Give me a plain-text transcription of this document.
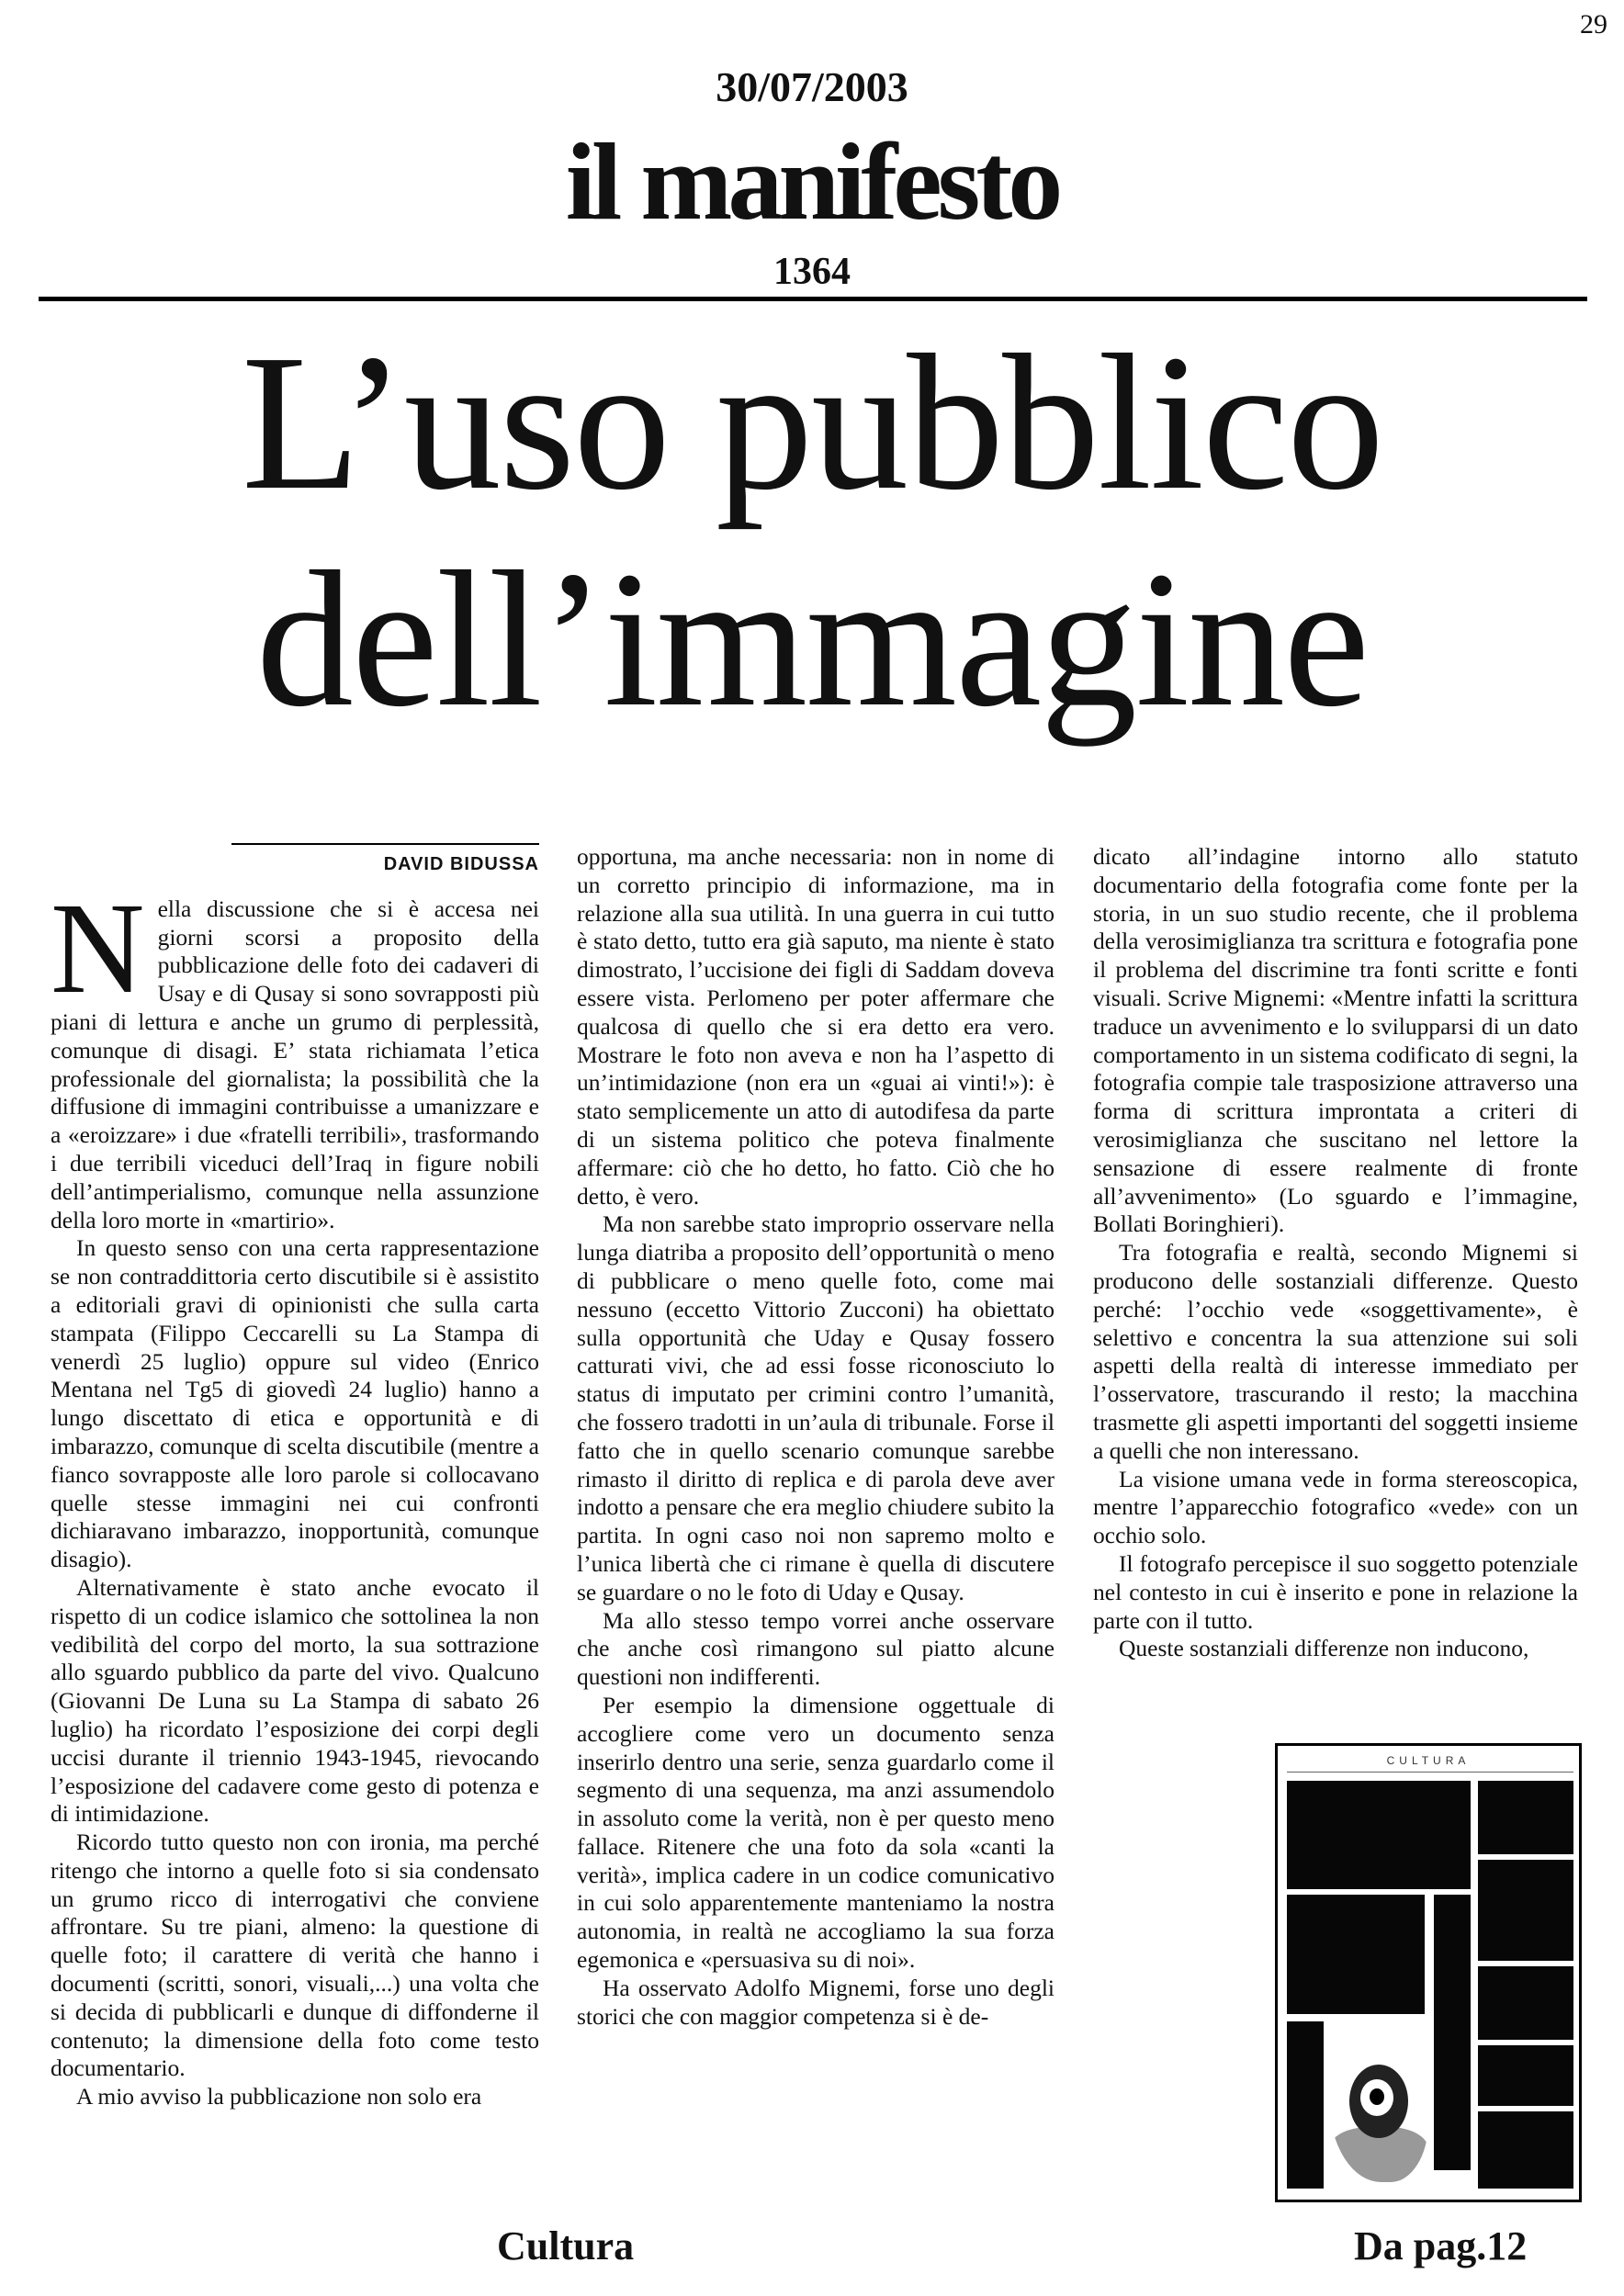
29
30/07/2003
il manifesto
1364
L’uso pubblico
dell’immagine
DAVID BIDUSSA
N ella discussione che si è accesa nei giorni scorsi a proposito della pubblicazione delle foto dei cadaveri di Usay e di Qusay si sono sovrapposti più piani di lettura e anche un grumo di perplessità, comunque di disagi. E’ stata richiamata l’etica professionale del giornalista; la possibilità che la diffusione di immagini contribuisse a umanizzare e a «eroizzare» i due «fratelli terribili», trasformando i due terribili viceduci dell’Iraq in figure nobili dell’antimperialismo, comunque nella assunzione della loro morte in «martirio».

In questo senso con una certa rappresentazione se non contraddittoria certo discutibile si è assistito a editoriali gravi di opinionisti che sulla carta stampata (Filippo Ceccarelli su La Stampa di venerdì 25 luglio) oppure sul video (Enrico Mentana nel Tg5 di giovedì 24 luglio) hanno a lungo discettato di etica e opportunità e di imbarazzo, comunque di scelta discutibile (mentre a fianco sovrapposte alle loro parole si collocavano quelle stesse immagini nei cui confronti dichiaravano imbarazzo, inopportunità, comunque disagio).

Alternativamente è stato anche evocato il rispetto di un codice islamico che sottolinea la non vedibilità del corpo del morto, la sua sottrazione allo sguardo pubblico da parte del vivo. Qualcuno (Giovanni De Luna su La Stampa di sabato 26 luglio) ha ricordato l’esposizione dei corpi degli uccisi durante il triennio 1943-1945, rievocando l’esposizione del cadavere come gesto di potenza e di intimidazione.

Ricordo tutto questo non con ironia, ma perché ritengo che intorno a quelle foto si sia condensato un grumo ricco di interrogativi che conviene affrontare. Su tre piani, almeno: la questione di quelle foto; il carattere di verità che hanno i documenti (scritti, sonori, visuali,...) una volta che si decida di pubblicarli e dunque di diffonderne il contenuto; la dimensione della foto come testo documentario.

A mio avviso la pubblicazione non solo era

opportuna, ma anche necessaria: non in nome di un corretto principio di informazione, ma in relazione alla sua utilità. In una guerra in cui tutto è stato detto, tutto era già saputo, ma niente è stato dimostrato, l’uccisione dei figli di Saddam doveva essere vista. Perlomeno per poter affermare che qualcosa di quello che si era detto era vero. Mostrare le foto non aveva e non ha l’aspetto di un’intimidazione (non era un «guai ai vinti!»): è stato semplicemente un atto di autodifesa da parte di un sistema politico che poteva finalmente affermare: ciò che ho detto, ho fatto. Ciò che ho detto, è vero.

Ma non sarebbe stato improprio osservare nella lunga diatriba a proposito dell’opportunità o meno di pubblicare o meno quelle foto, come mai nessuno (eccetto Vittorio Zucconi) ha obiettato sulla opportunità che Uday e Qusay fossero catturati vivi, che ad essi fosse riconosciuto lo status di imputato per crimini contro l’umanità, che fossero tradotti in un’aula di tribunale. Forse il fatto che in quello scenario comunque sarebbe rimasto il diritto di replica e di parola deve aver indotto a pensare che era meglio chiudere subito la partita. In ogni caso noi non sapremo molto e l’unica libertà che ci rimane è quella di discutere se guardare o no le foto di Uday e Qusay.

Ma allo stesso tempo vorrei anche osservare che anche così rimangono sul piatto alcune questioni non indifferenti.

Per esempio la dimensione oggettuale di accogliere come vero un documento senza inserirlo dentro una serie, senza guardarlo come il segmento di una sequenza, ma anzi assumendolo in assoluto come la verità, non è per questo meno fallace. Ritenere che una foto da sola «canti la verità», implica cadere in un codice comunicativo in cui solo apparentemente manteniamo la nostra autonomia, in realtà ne accogliamo la sua forza egemonica e «persuasiva su di noi».

Ha osservato Adolfo Mignemi, forse uno degli storici che con maggior competenza si è de-

dicato all’indagine intorno allo statuto documentario della fotografia come fonte per la storia, in un suo studio recente, che il problema della verosimiglianza tra scrittura e fotografia pone il problema del discrimine tra fonti scritte e fonti visuali. Scrive Mignemi: «Mentre infatti la scrittura traduce un avvenimento e lo svilupparsi di un dato comportamento in un sistema codificato di segni, la fotografia compie tale trasposizione attraverso una forma di scrittura improntata a criteri di verosimiglianza che suscitano nel lettore la sensazione di essere realmente di fronte all’avvenimento» (Lo sguardo e l’immagine, Bollati Boringhieri).

Tra fotografia e realtà, secondo Mignemi si producono delle sostanziali differenze. Questo perché: l’occhio vede «soggettivamente», è selettivo e concentra la sua attenzione sui soli aspetti della realtà di interesse immediato per l’osservatore, trascurando il resto; la macchina trasmette gli aspetti importanti del soggetti insieme a quelli che non interessano.

La visione umana vede in forma stereoscopica, mentre l’apparecchio fotografico «vede» con un occhio solo.

Il fotografo percepisce il suo soggetto potenziale nel contesto in cui è inserito e pone in relazione la parte con il tutto.

Queste sostanziali differenze non inducono,

CULTURA
Cultura	Da pag.12
